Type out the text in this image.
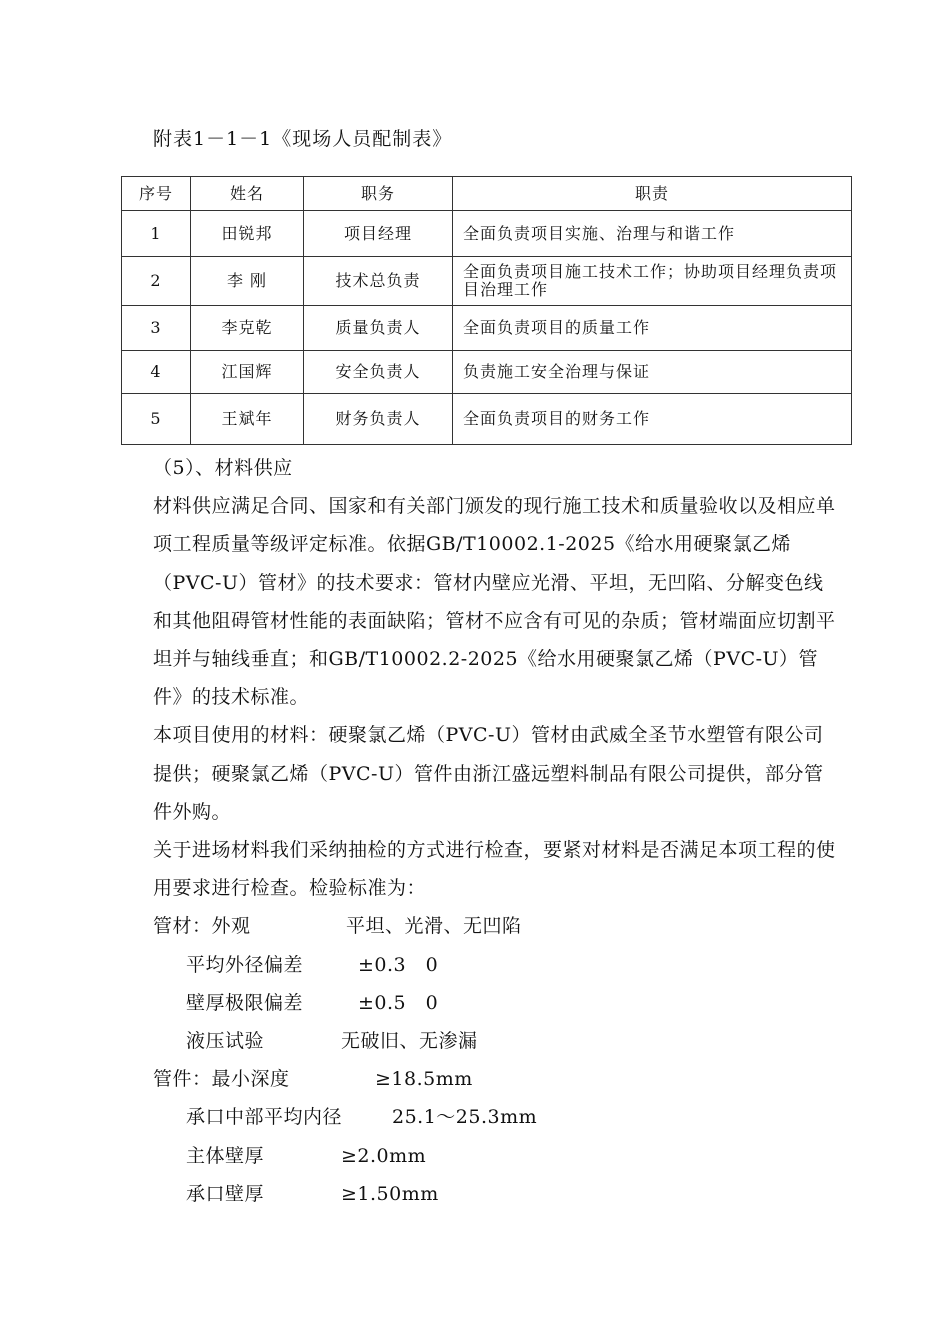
附表1－1－1《现场人员配制表》
序号	姓名	职务	职责
1	田锐邦	项目经理	全面负责项目实施、治理与和谐工作
2	李 刚	技术总负责	全面负责项目施工技术工作；协助项目经理负责项目治理工作
3	李克乾	质量负责人	全面负责项目的质量工作
4	江国辉	安全负责人	负责施工安全治理与保证
5	王斌年	财务负责人	全面负责项目的财务工作

（5）、材料供应

材料供应满足合同、国家和有关部门颁发的现行施工技术和质量验收以及相应单项工程质量等级评定标准。依据GB/T10002.1-2025《给水用硬聚氯乙烯（PVC-U）管材》的技术要求：管材内壁应光滑、平坦，无凹陷、分解变色线和其他阻碍管材性能的表面缺陷；管材不应含有可见的杂质；管材端面应切割平坦并与轴线垂直；和GB/T10002.2-2025《给水用硬聚氯乙烯（PVC-U）管件》的技术标准。

本项目使用的材料：硬聚氯乙烯（PVC-U）管材由武威全圣节水塑管有限公司提供；硬聚氯乙烯（PVC-U）管件由浙江盛远塑料制品有限公司提供，部分管件外购。

关于进场材料我们采纳抽检的方式进行检查，要紧对材料是否满足本项工程的使用要求进行检查。检验标准为：

管材：外观	平坦、光滑、无凹陷
平均外径偏差	±0.3　0
壁厚极限偏差	±0.5　0
液压试验	无破旧、无渗漏
管件：最小深度	≥18.5mm
承口中部平均内径	25.1～25.3mm
主体壁厚	≥2.0mm
承口壁厚	≥1.50mm
